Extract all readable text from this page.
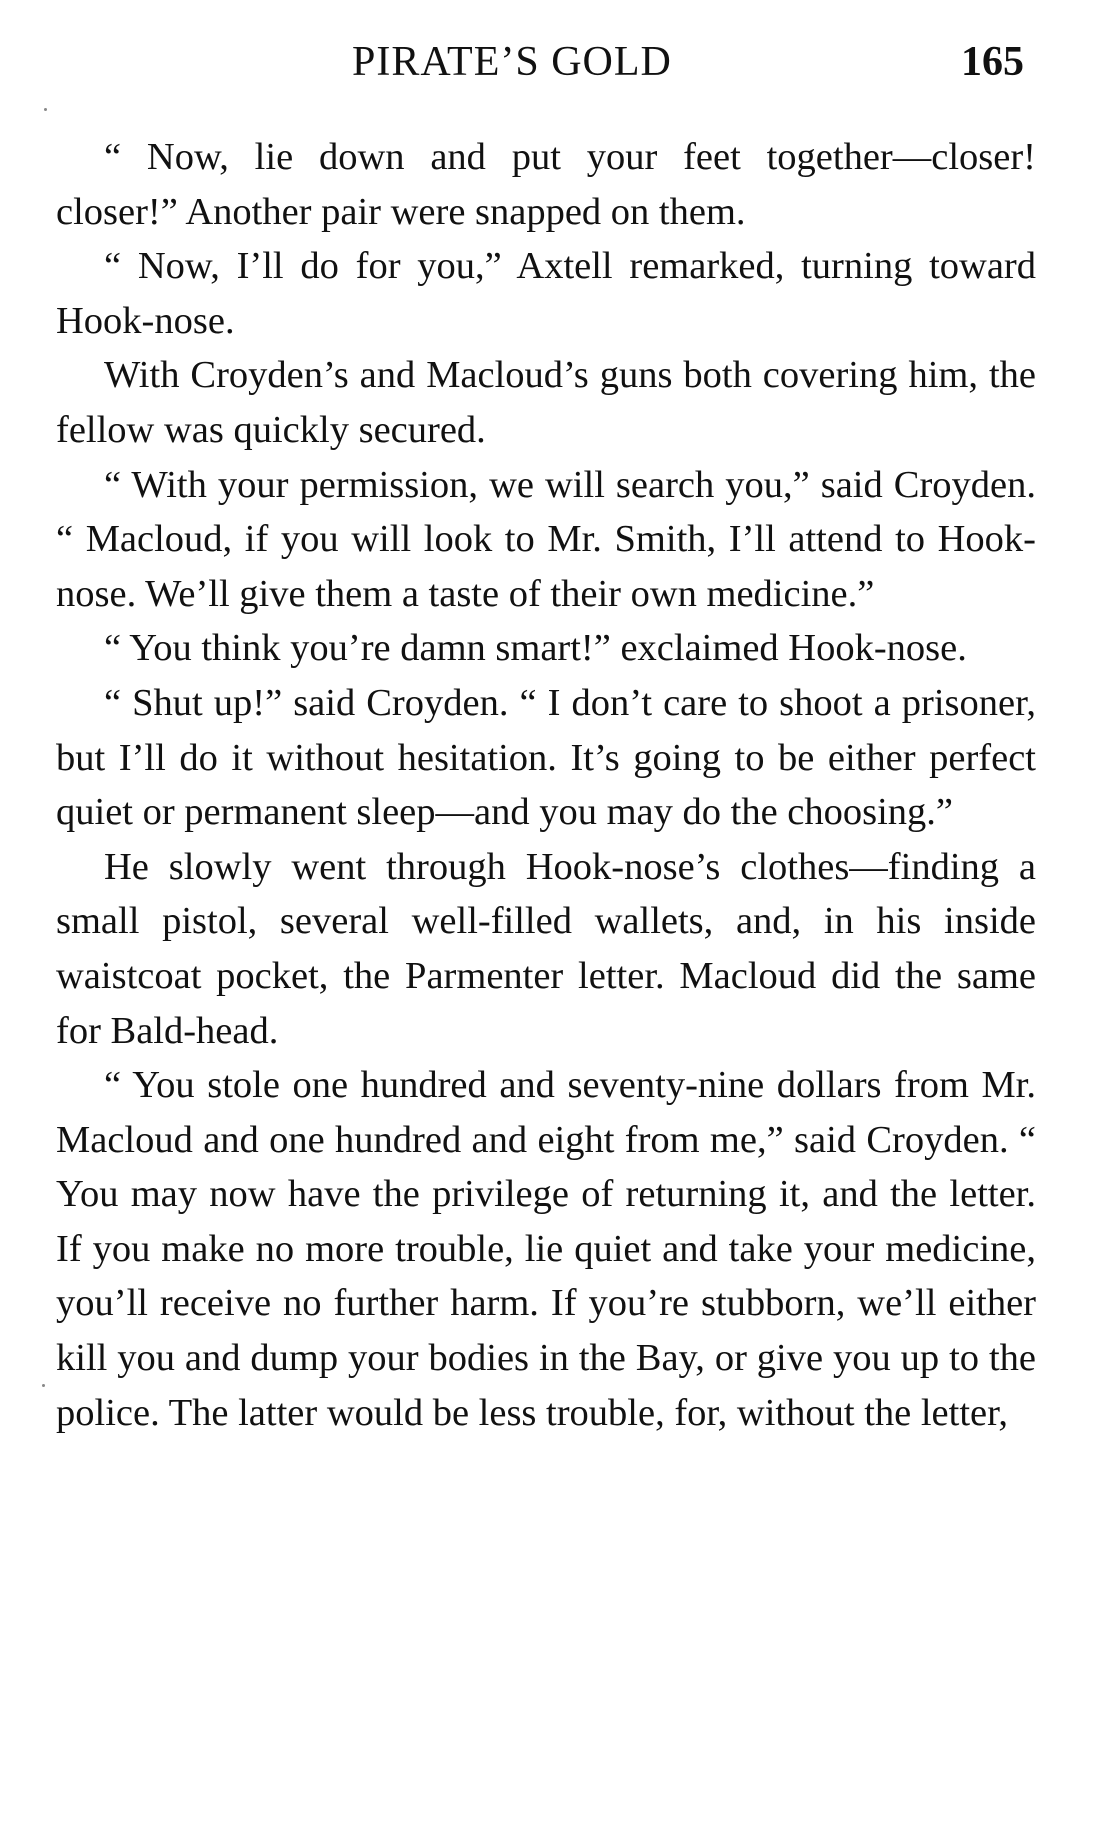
PIRATE’S GOLD	165

“ Now, lie down and put your feet together—closer! closer!” Another pair were snapped on them.

“ Now, I’ll do for you,” Axtell remarked, turning toward Hook-nose.

With Croyden’s and Macloud’s guns both covering him, the fellow was quickly secured.

“ With your permission, we will search you,” said Croyden. “ Macloud, if you will look to Mr. Smith, I’ll attend to Hook-nose. We’ll give them a taste of their own medicine.”

“ You think you’re damn smart!” exclaimed Hook-nose.

“ Shut up!” said Croyden. “ I don’t care to shoot a prisoner, but I’ll do it without hesitation. It’s going to be either perfect quiet or permanent sleep—and you may do the choosing.”

He slowly went through Hook-nose’s clothes—finding a small pistol, several well-filled wallets, and, in his inside waistcoat pocket, the Parmenter letter. Macloud did the same for Bald-head.

“ You stole one hundred and seventy-nine dollars from Mr. Macloud and one hundred and eight from me,” said Croyden. “ You may now have the privilege of returning it, and the letter. If you make no more trouble, lie quiet and take your medicine, you’ll receive no further harm. If you’re stubborn, we’ll either kill you and dump your bodies in the Bay, or give you up to the police. The latter would be less trouble, for, without the letter,
